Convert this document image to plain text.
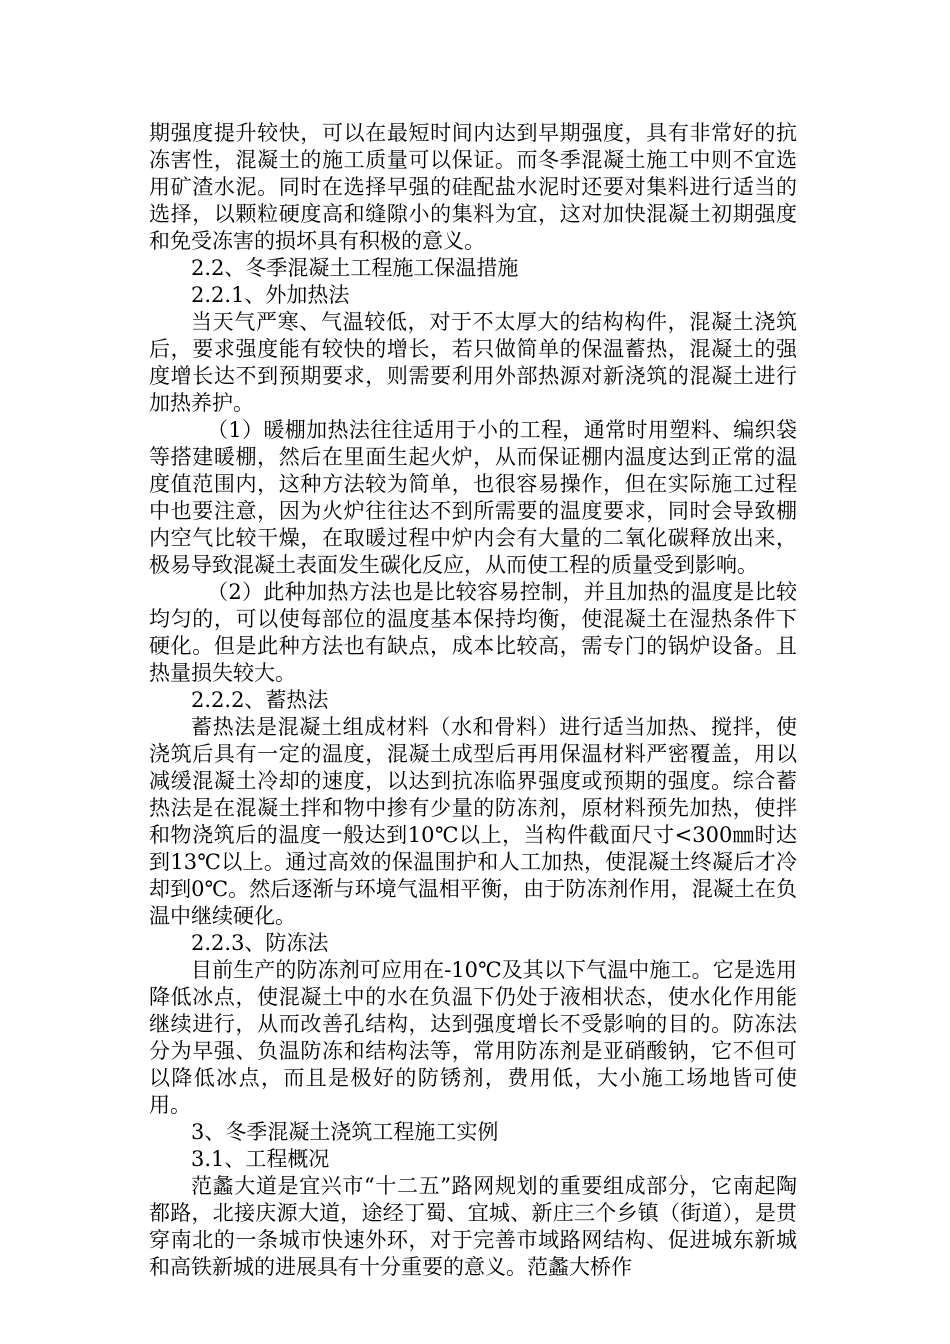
期强度提升较快，可以在最短时间内达到早期强度，具有非常好的抗冻害性，混凝土的施工质量可以保证。而冬季混凝土施工中则不宜选用矿渣水泥。同时在选择早强的硅配盐水泥时还要对集料进行适当的选择，以颗粒硬度高和缝隙小的集料为宜，这对加快混凝土初期强度和免受冻害的损坏具有积极的意义。

2.2、冬季混凝土工程施工保温措施

2.2.1、外加热法

当天气严寒、气温较低，对于不太厚大的结构构件，混凝土浇筑后，要求强度能有较快的增长，若只做简单的保温蓄热，混凝土的强度增长达不到预期要求，则需要利用外部热源对新浇筑的混凝土进行加热养护。

（1）暖棚加热法往往适用于小的工程，通常时用塑料、编织袋等搭建暖棚，然后在里面生起火炉，从而保证棚内温度达到正常的温度值范围内，这种方法较为简单，也很容易操作，但在实际施工过程中也要注意，因为火炉往往达不到所需要的温度要求，同时会导致棚内空气比较干燥，在取暖过程中炉内会有大量的二氧化碳释放出来，极易导致混凝土表面发生碳化反应，从而使工程的质量受到影响。

（2）此种加热方法也是比较容易控制，并且加热的温度是比较均匀的，可以使每部位的温度基本保持均衡，使混凝土在湿热条件下硬化。但是此种方法也有缺点，成本比较高，需专门的锅炉设备。且热量损失较大。

2.2.2、蓄热法

蓄热法是混凝土组成材料（水和骨料）进行适当加热、搅拌，使浇筑后具有一定的温度，混凝土成型后再用保温材料严密覆盖，用以减缓混凝土冷却的速度，以达到抗冻临界强度或预期的强度。综合蓄热法是在混凝土拌和物中掺有少量的防冻剂，原材料预先加热，使拌和物浇筑后的温度一般达到10℃以上，当构件截面尺寸<300㎜时达到13℃以上。通过高效的保温围护和人工加热，使混凝土终凝后才冷却到0℃。然后逐渐与环境气温相平衡，由于防冻剂作用，混凝土在负温中继续硬化。

2.2.3、防冻法

目前生产的防冻剂可应用在-10℃及其以下气温中施工。它是选用降低冰点，使混凝土中的水在负温下仍处于液相状态，使水化作用能继续进行，从而改善孔结构，达到强度增长不受影响的目的。防冻法分为早强、负温防冻和结构法等，常用防冻剂是亚硝酸钠，它不但可以降低冰点，而且是极好的防锈剂，费用低，大小施工场地皆可使用。

3、冬季混凝土浇筑工程施工实例

3.1、工程概况

范蠡大道是宜兴市“十二五”路网规划的重要组成部分，它南起陶都路，北接庆源大道，途经丁蜀、宜城、新庄三个乡镇（街道），是贯穿南北的一条城市快速外环，对于完善市域路网结构、促进城东新城和高铁新城的进展具有十分重要的意义。范蠡大桥作
